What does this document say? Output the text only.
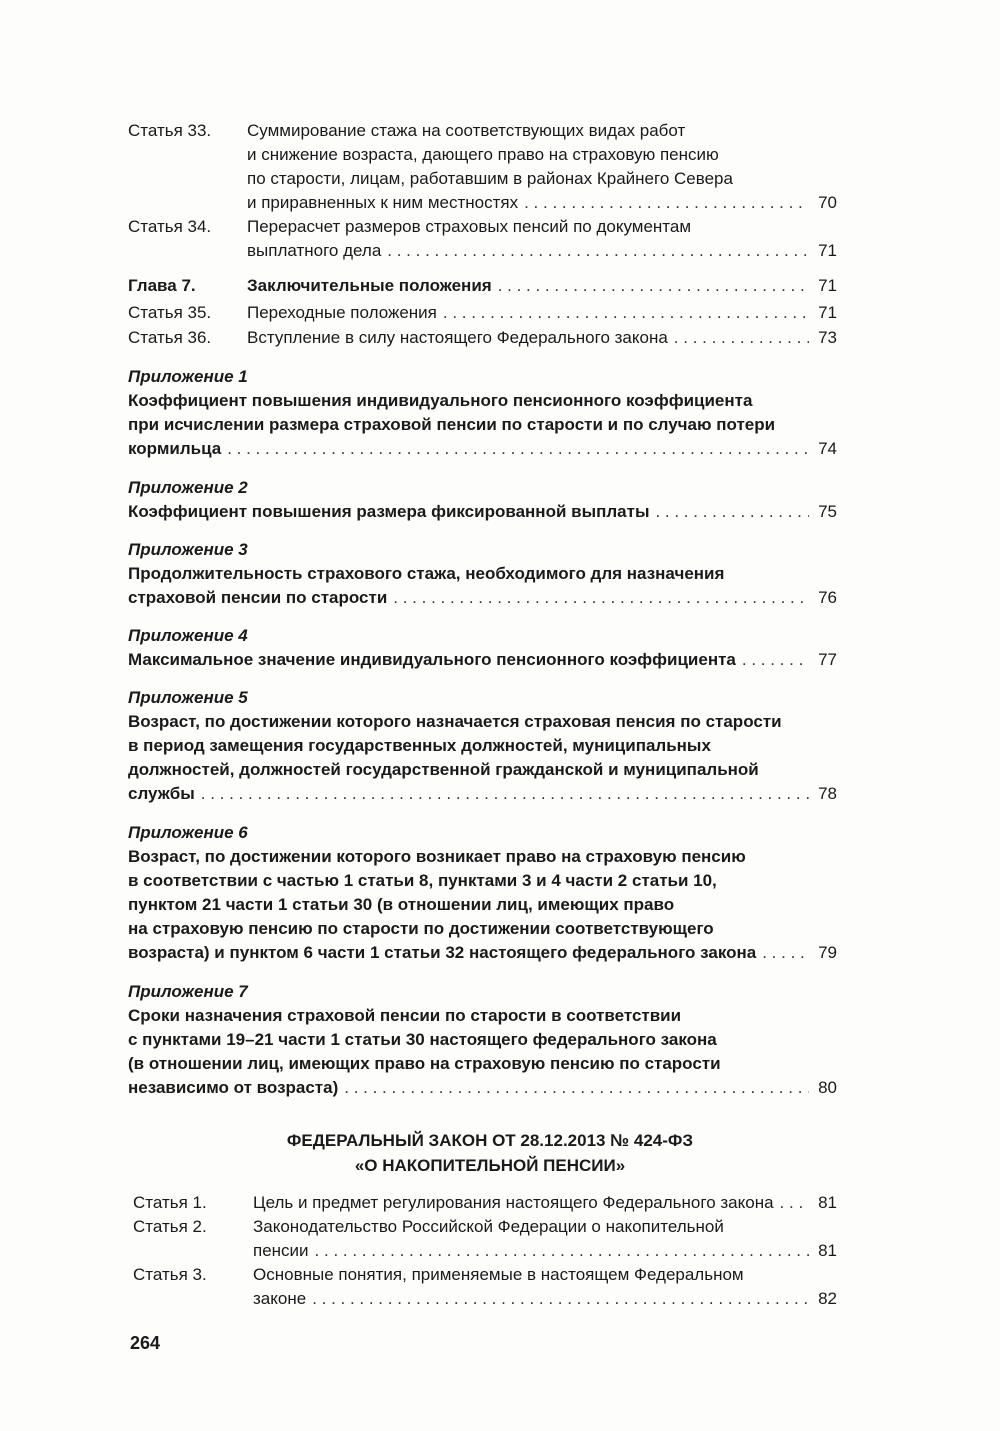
Статья 33. Суммирование стажа на соответствующих видах работ
и снижение возраста, дающего право на страховую пенсию
по старости, лицам, работавшим в районах Крайнего Севера
и приравненных к ним местностях . . .	70
Статья 34. Перерасчет размеров страховых пенсий по документам
выплатного дела . . .	71
Глава 7.	Заключительные положения . . .	71
Статья 35. Переходные положения . . .	71
Статья 36. Вступление в силу настоящего Федерального закона . . .	73
Приложение 1
Коэффициент повышения индивидуального пенсионного коэффициента
при исчислении размера страховой пенсии по старости и по случаю потери
кормильца . . .	74
Приложение 2
Коэффициент повышения размера фиксированной выплаты . . .	75
Приложение 3
Продолжительность страхового стажа, необходимого для назначения
страховой пенсии по старости . . .	76
Приложение 4
Максимальное значение индивидуального пенсионного коэффициента . . .	77
Приложение 5
Возраст, по достижении которого назначается страховая пенсия по старости
в период замещения государственных должностей, муниципальных
должностей, должностей государственной гражданской и муниципальной
службы . . .	78
Приложение 6
Возраст, по достижении которого возникает право на страховую пенсию
в соответствии с частью 1 статьи 8, пунктами 3 и 4 части 2 статьи 10,
пунктом 21 части 1 статьи 30 (в отношении лиц, имеющих право
на страховую пенсию по старости по достижении соответствующего
возраста) и пунктом 6 части 1 статьи 32 настоящего федерального закона . . .	79
Приложение 7
Сроки назначения страховой пенсии по старости в соответствии
с пунктами 19–21 части 1 статьи 30 настоящего федерального закона
(в отношении лиц, имеющих право на страховую пенсию по старости
независимо от возраста) . . .	80
ФЕДЕРАЛЬНЫЙ ЗАКОН ОТ 28.12.2013 № 424-ФЗ
«О НАКОПИТЕЛЬНОЙ ПЕНСИИ»
Статья 1.	Цель и предмет регулирования настоящего Федерального закона . . .	81
Статья 2.	Законодательство Российской Федерации о накопительной
пенсии . . .	81
Статья 3.	Основные понятия, применяемые в настоящем Федеральном
законе . . .	82
264
